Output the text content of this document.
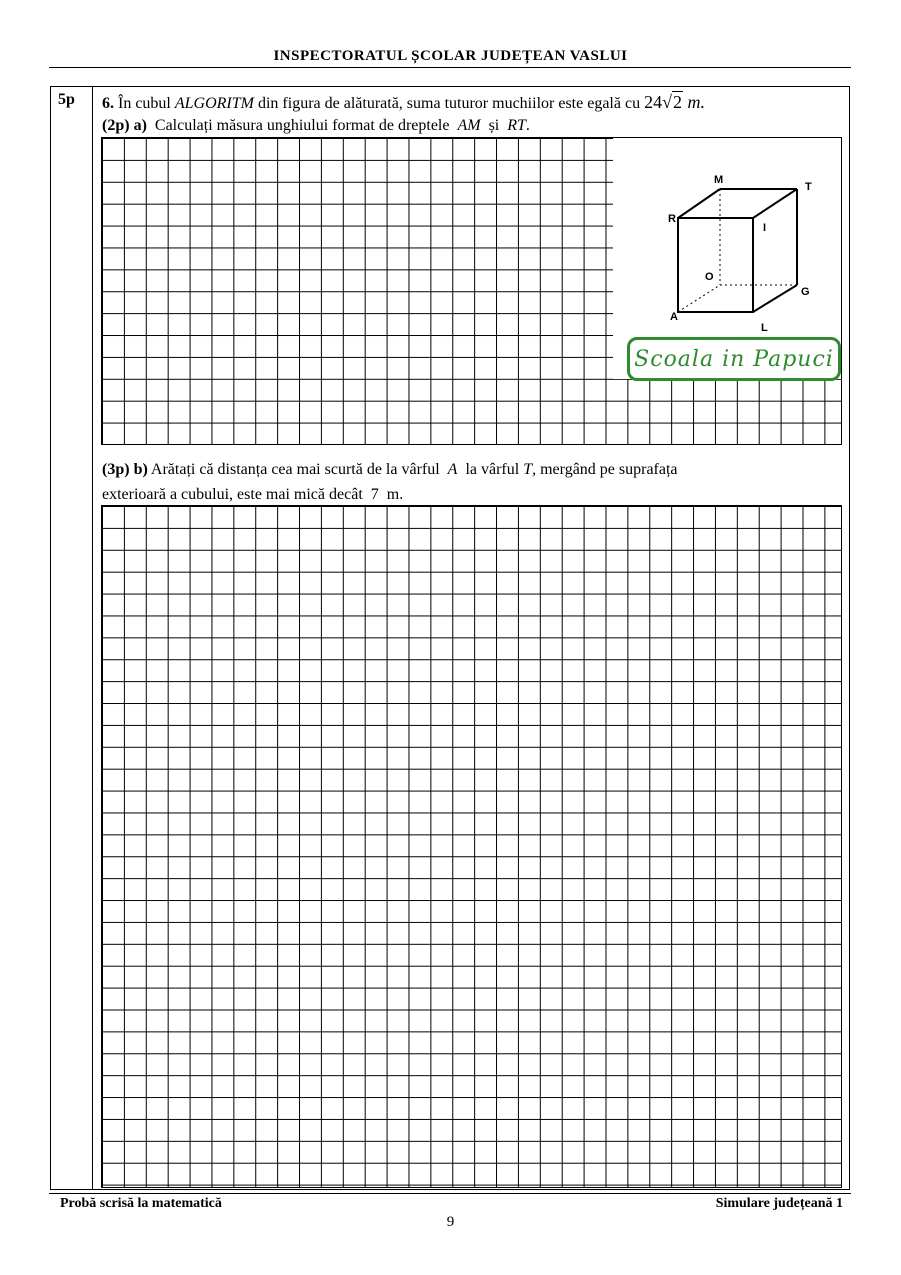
INSPECTORATUL ȘCOLAR JUDEȚEAN VASLUI
5p 6. În cubul ALGORITM din figura de alăturată, suma tuturor muchiilor este egală cu 24√2 m.
(2p) a) Calculați măsura unghiului format de dreptele AM și RT.
M
T
R
I
O
G
A
L
Scoala in Papuci
(3p) b) Arătați că distanța cea mai scurtă de la vârful A la vârful T, mergând pe suprafața
exterioară a cubului, este mai mică decât 7 m.
Probă scrisă la matematică	Simulare județeană 1
9
